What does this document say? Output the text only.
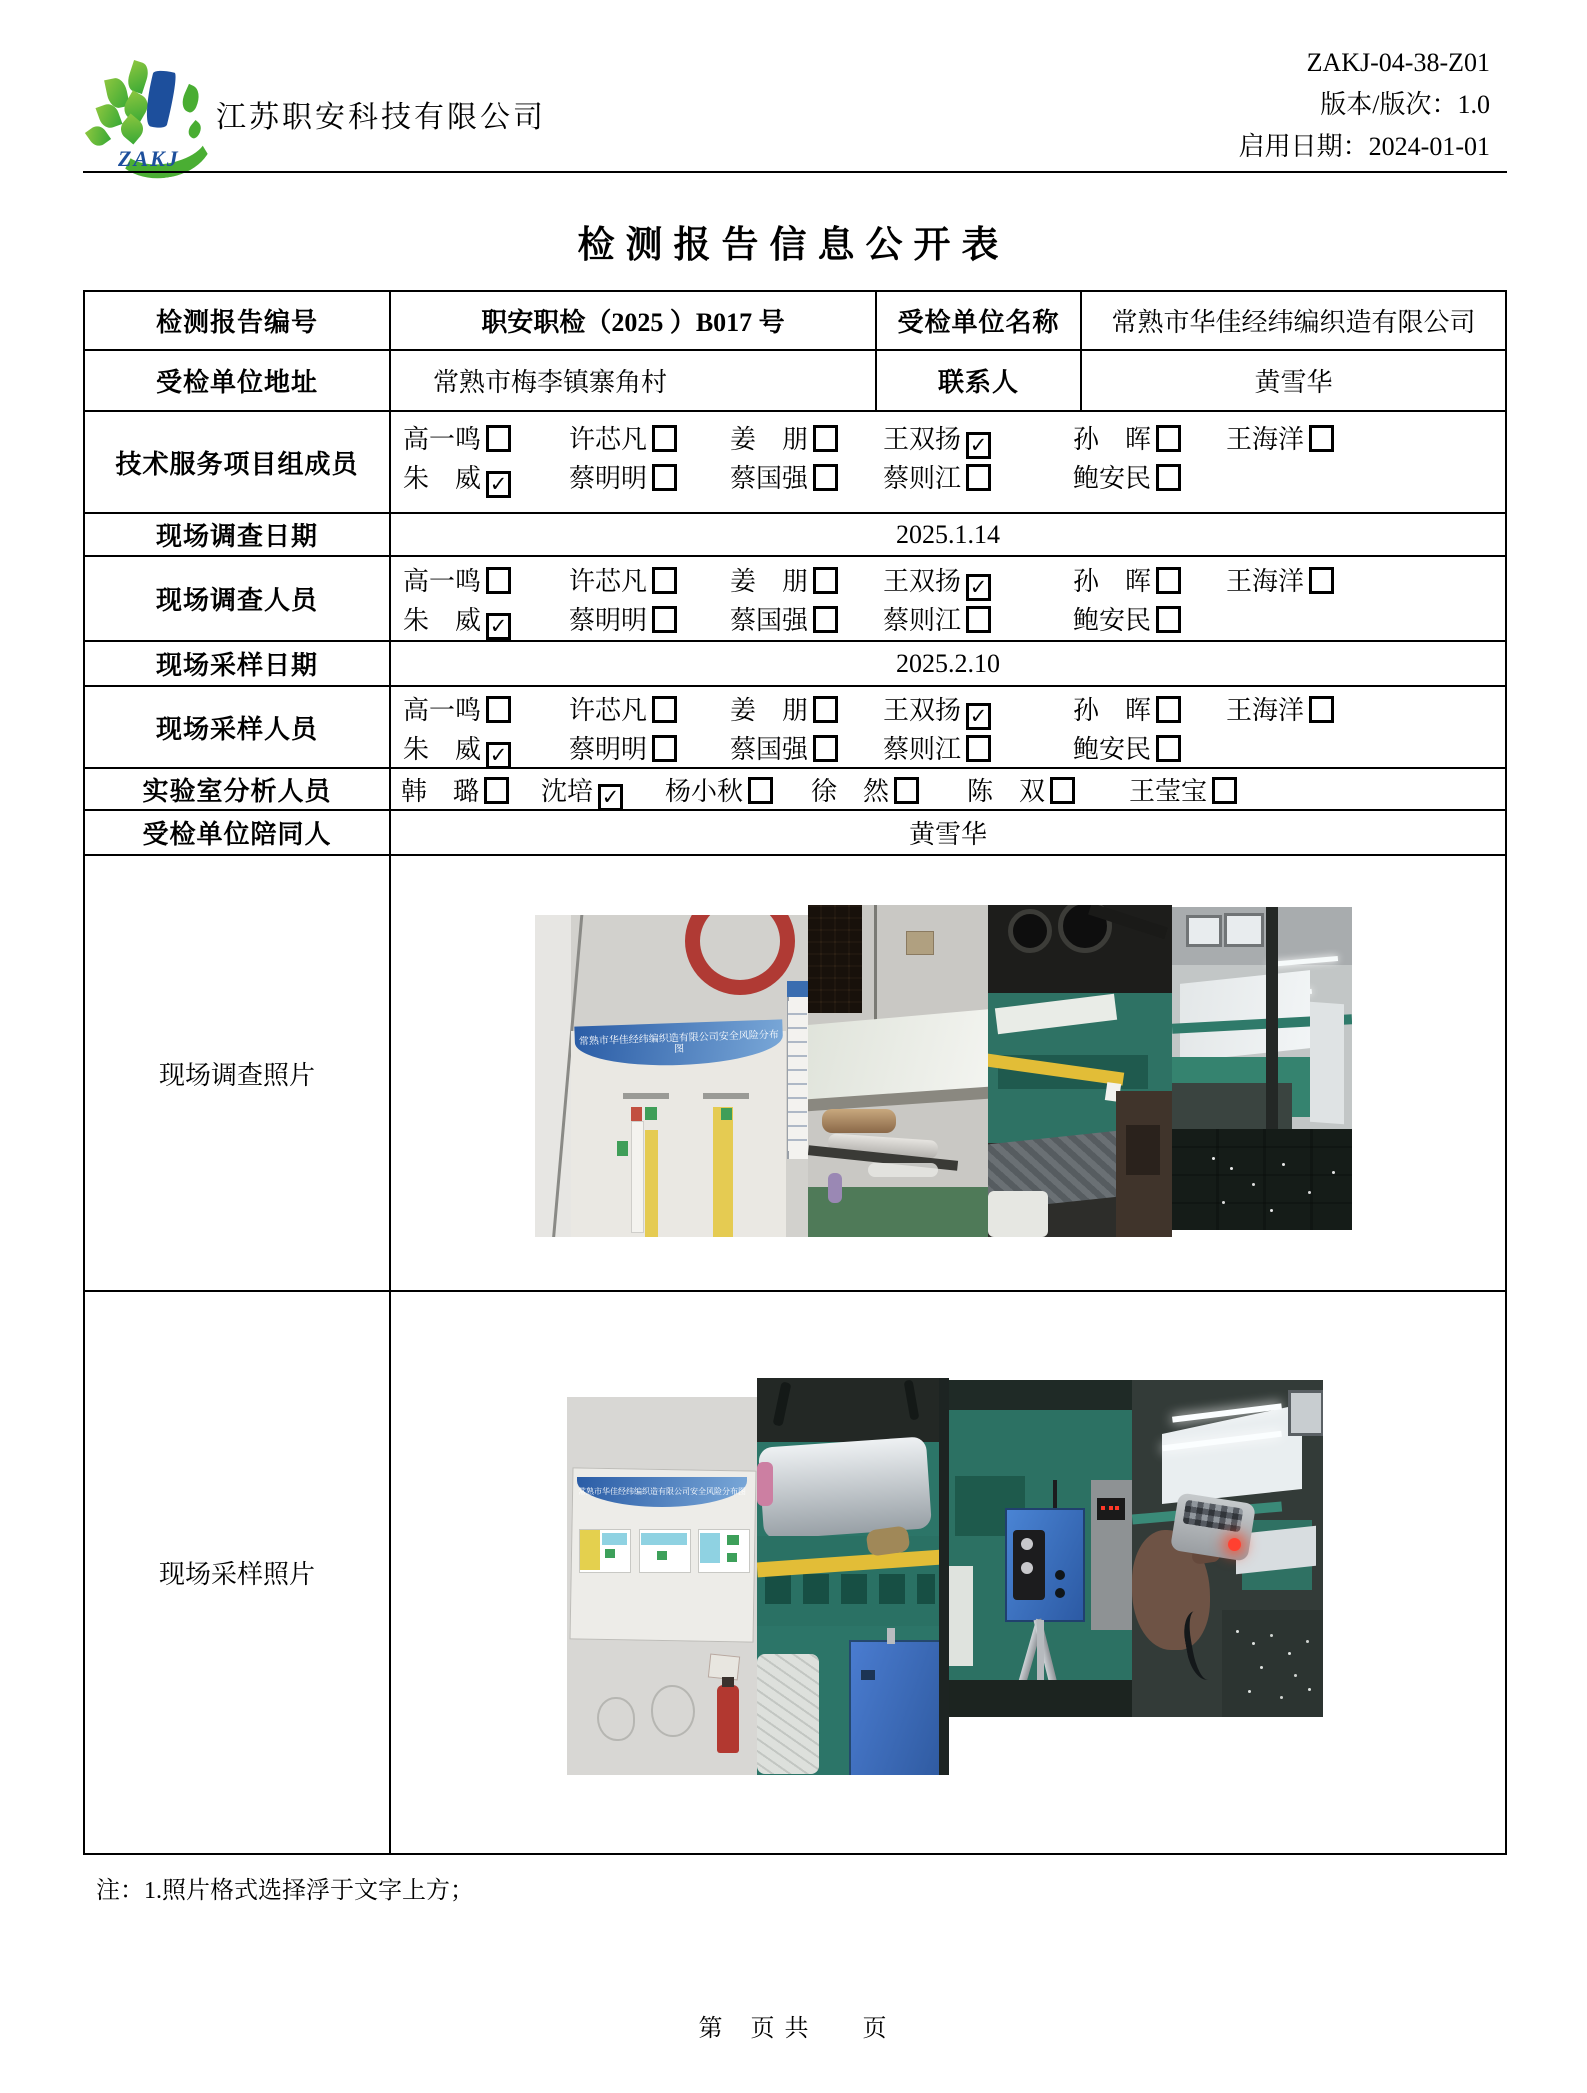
ZAKJ
江苏职安科技有限公司
ZAKJ-04-38-Z01
版本/版次：1.0
启用日期：2024-01-01
检测报告信息公开表
检测报告编号	职安职检（2025 ）B017 号	受检单位名称	常熟市华佳经纬编织造有限公司
受检单位地址	常熟市梅李镇寨角村	联系人	黄雪华
技术服务项目组成员
高一鸣	许芯凡	姜　朋	王双扬 ✓	孙　晖	王海洋
朱　威 ✓ 蔡明明	蔡国强	蔡则江	鲍安民
现场调查日期	2025.1.14
现场调查人员
高一鸣	许芯凡	姜　朋	王双扬 ✓	孙　晖	王海洋
朱　威 ✓ 蔡明明	蔡国强	蔡则江	鲍安民
现场采样日期	2025.2.10
现场采样人员
高一鸣	许芯凡	姜　朋	王双扬 ✓	孙　晖	王海洋
朱　威 ✓ 蔡明明	蔡国强	蔡则江	鲍安民
实验室分析人员	韩　璐	沈培 ✓ 杨小秋	徐　然	陈　双	王莹宝
受检单位陪同人	黄雪华
现场调查照片
现场采样照片
常熟市华佳经纬编织造有限公司安全风险分布图
常熟市华佳经纬编织造有限公司安全风险分布图
注：1.照片格式选择浮于文字上方；
第　页 共　　页
